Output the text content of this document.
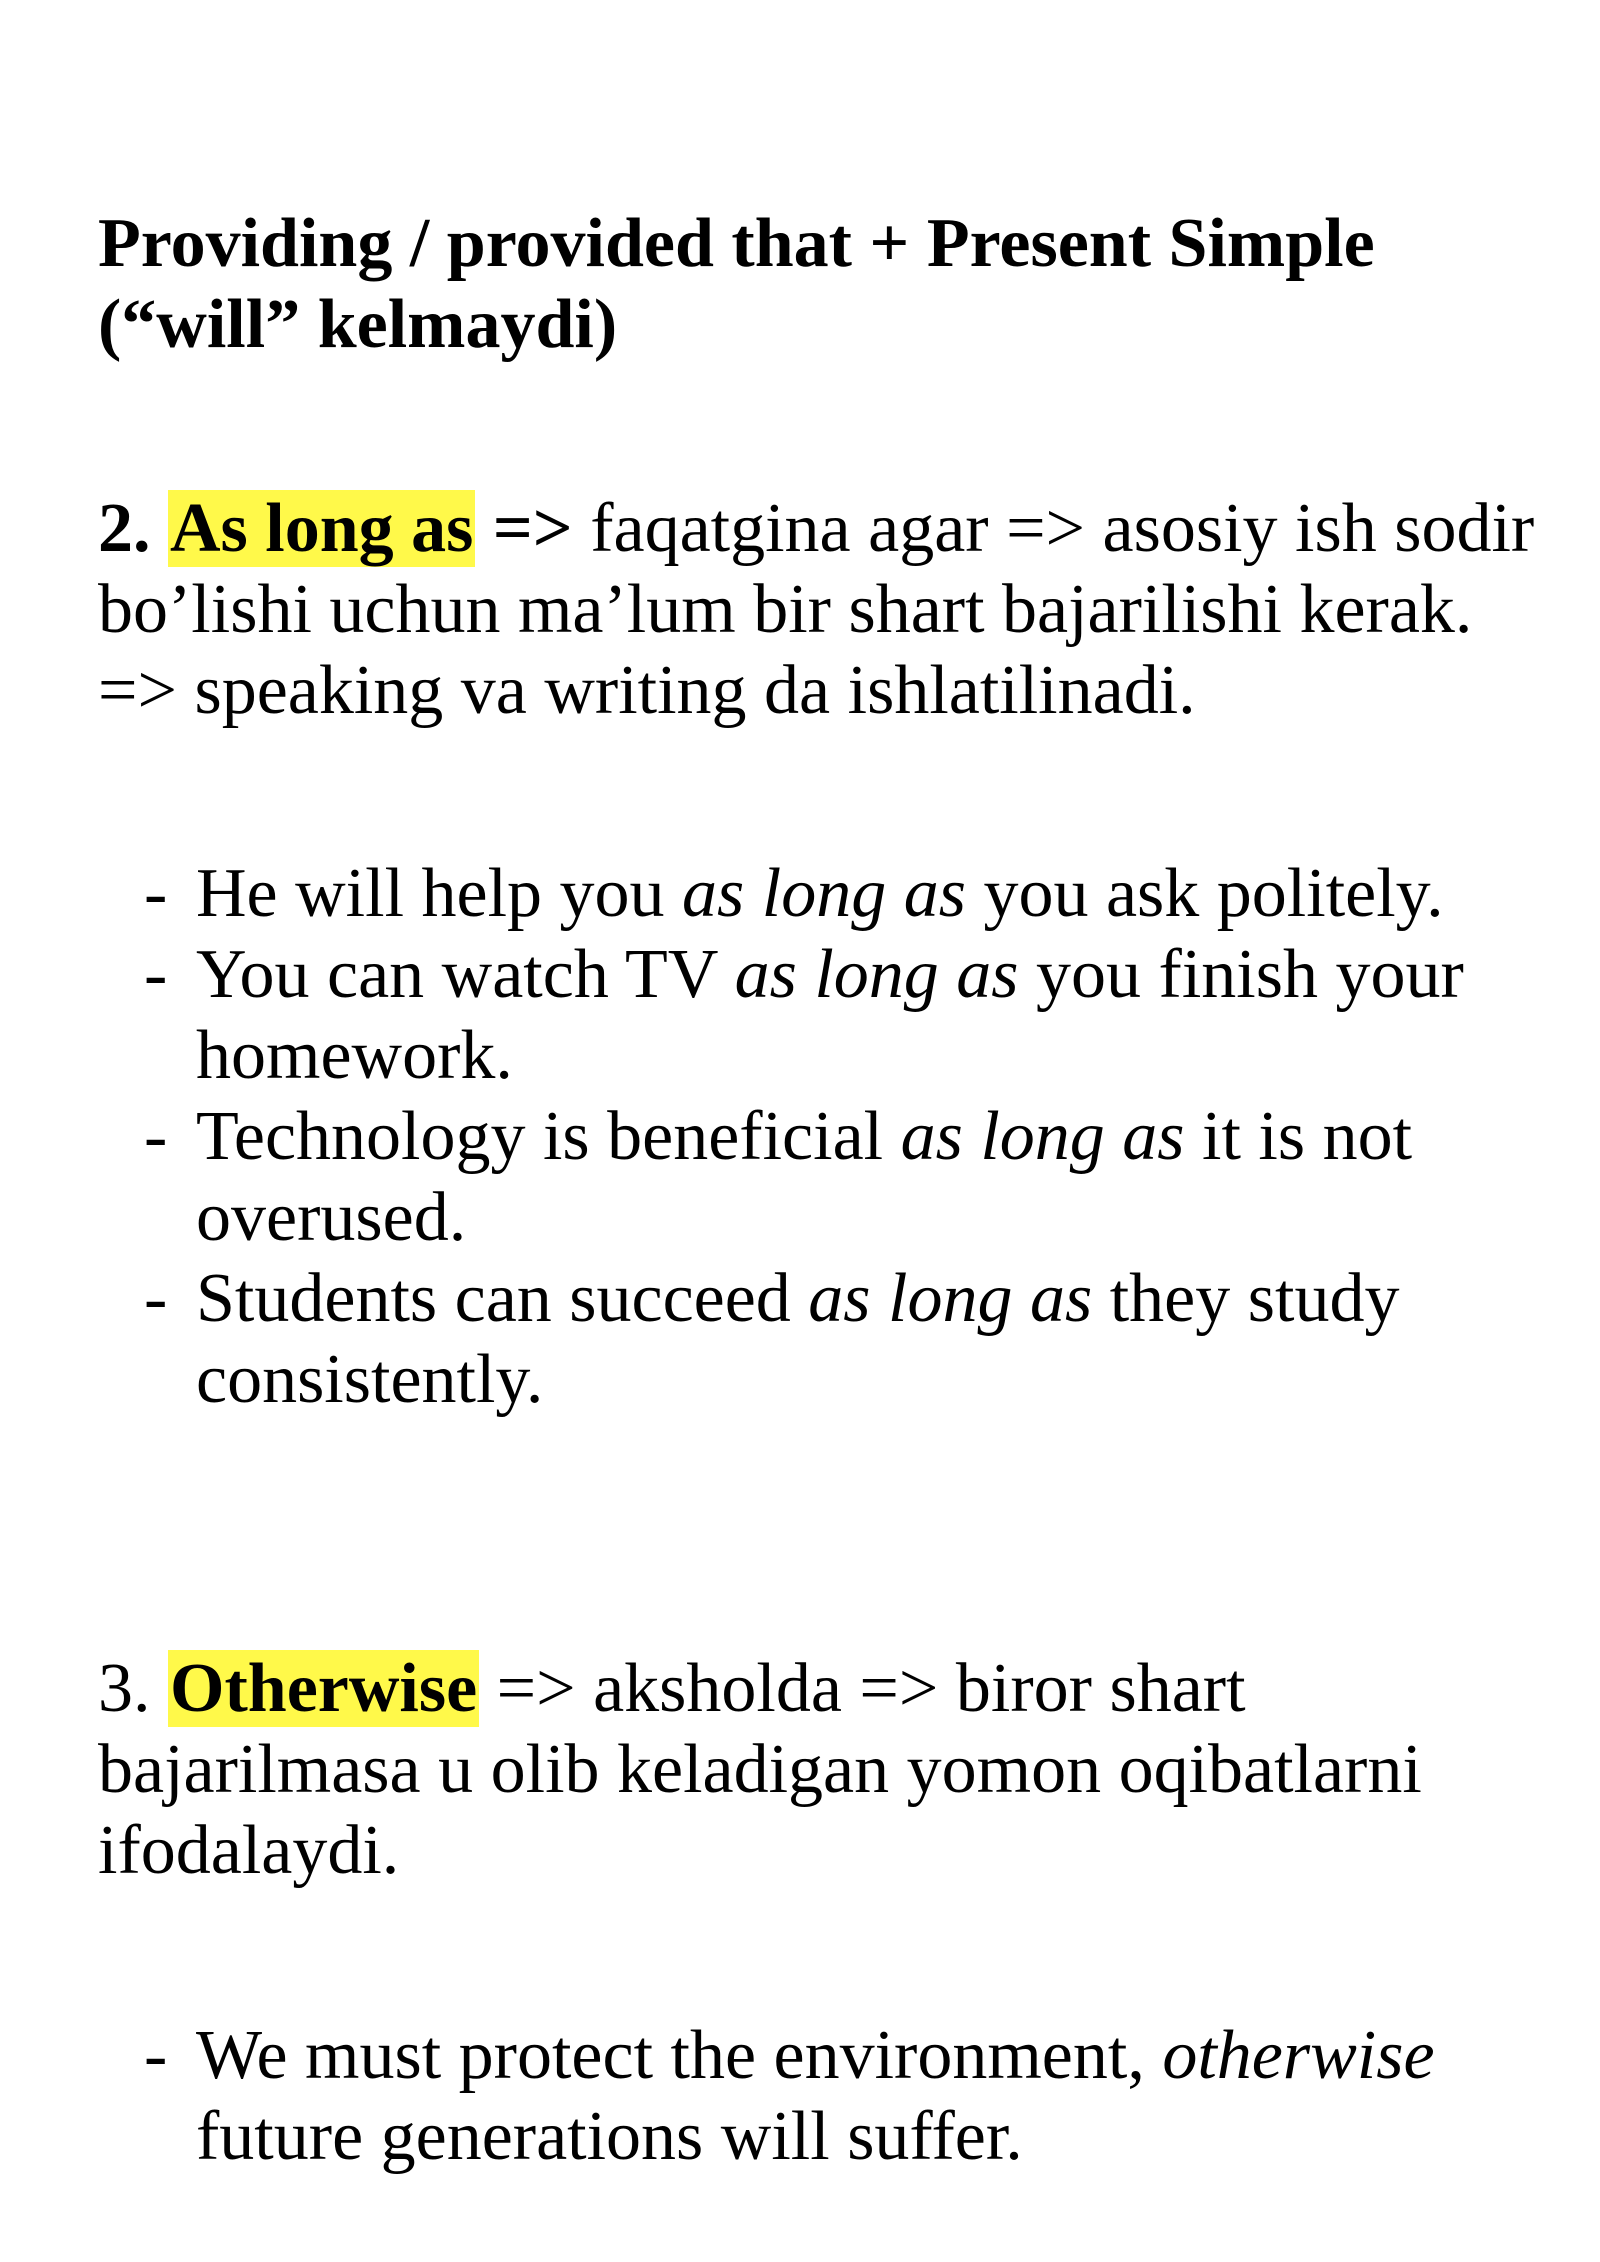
Providing / provided that + Present Simple
(“will” kelmaydi)
2. As long as => faqatgina agar => asosiy ish sodir bo’lishi uchun ma’lum bir shart bajarilishi kerak. => speaking va writing da ishlatilinadi.
- He will help you as long as you ask politely.
- You can watch TV as long as you finish your homework.
- Technology is beneficial as long as it is not overused.
- Students can succeed as long as they study consistently.
3. Otherwise => aksholda => biror shart bajarilmasa u olib keladigan yomon oqibatlarni ifodalaydi.
- We must protect the environment, otherwise future generations will suffer.
